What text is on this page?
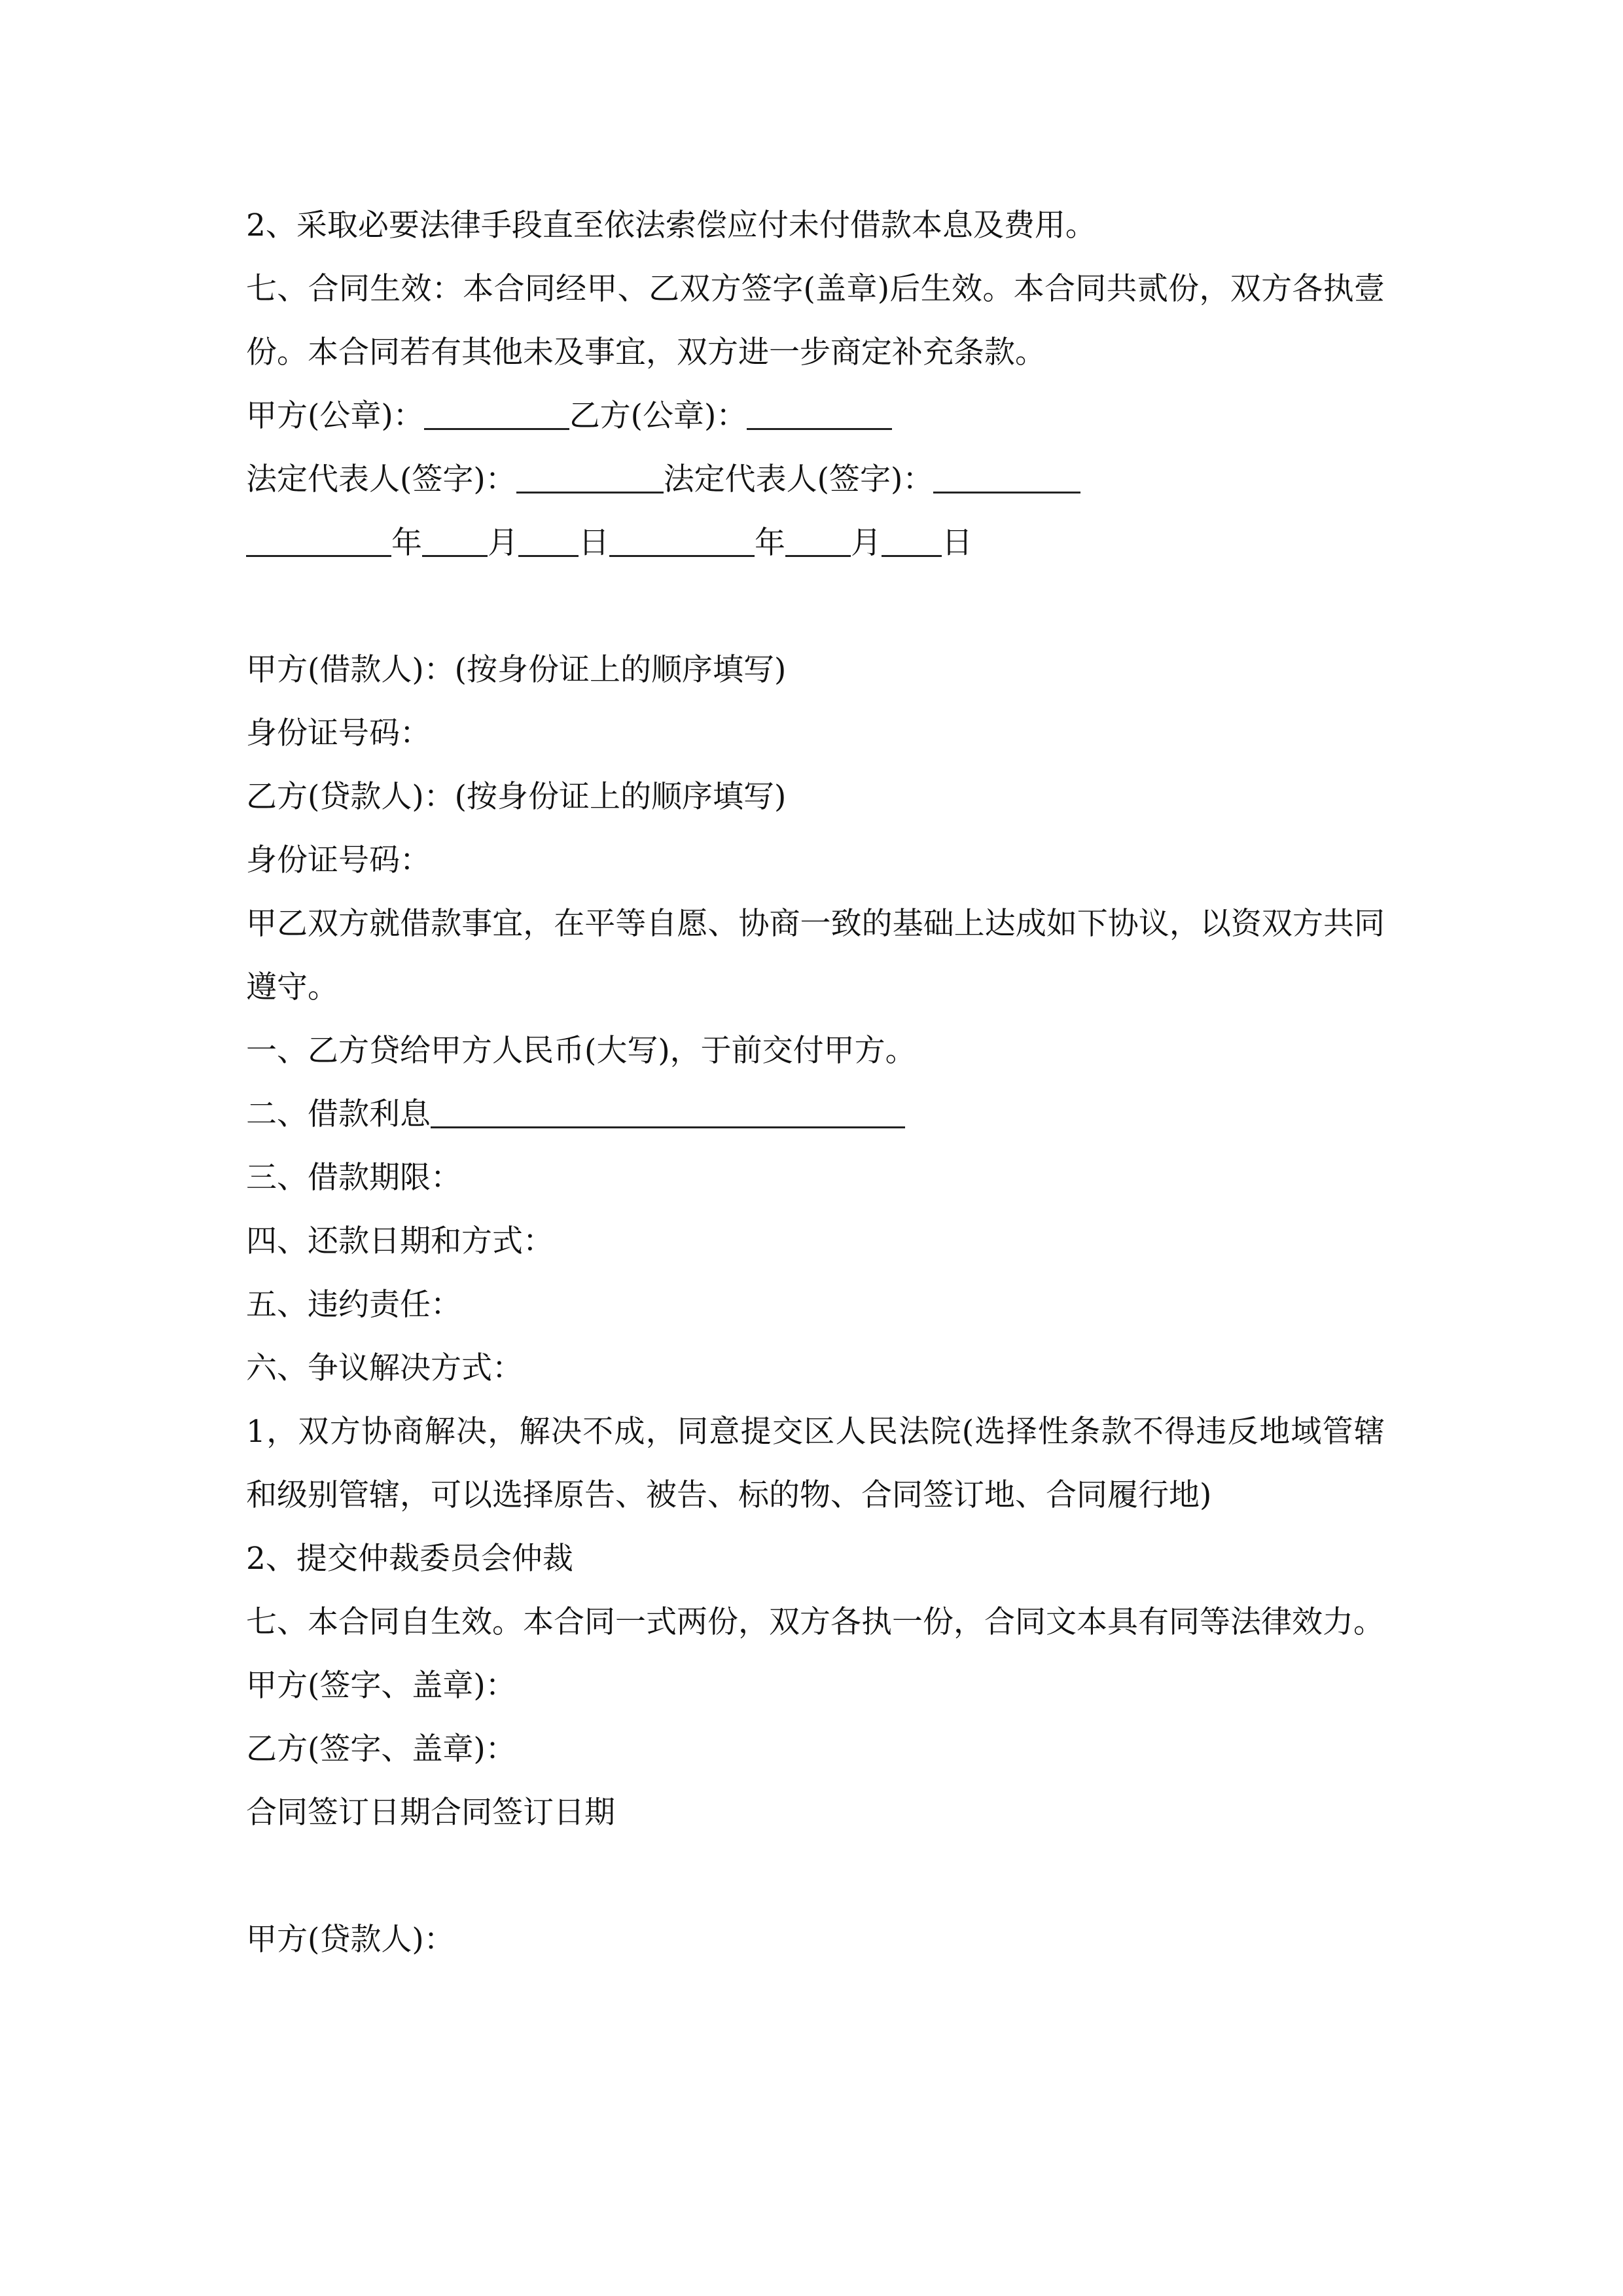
2、采取必要法律手段直至依法索偿应付未付借款本息及费用。

七、合同生效：本合同经甲、乙双方签字(盖章)后生效。本合同共贰份，双方各执壹份。本合同若有其他未及事宜，双方进一步商定补充条款。

甲方(公章)：	乙方(公章)：

法定代表人(签字)：	法定代表人(签字)：

年 月 日	年 月 日

甲方(借款人)：(按身份证上的顺序填写)

身份证号码：

乙方(贷款人)：(按身份证上的顺序填写)

身份证号码：

甲乙双方就借款事宜，在平等自愿、协商一致的基础上达成如下协议，以资双方共同遵守。

一、乙方贷给甲方人民币(大写)，于前交付甲方。

二、借款利息

三、借款期限：

四、还款日期和方式：

五、违约责任：

六、争议解决方式：

1，双方协商解决，解决不成，同意提交区人民法院(选择性条款不得违反地域管辖和级别管辖，可以选择原告、被告、标的物、合同签订地、合同履行地)

2、提交仲裁委员会仲裁

七、本合同自生效。本合同一式两份，双方各执一份，合同文本具有同等法律效力。

甲方(签字、盖章)：

乙方(签字、盖章)：

合同签订日期合同签订日期

甲方(贷款人)：
